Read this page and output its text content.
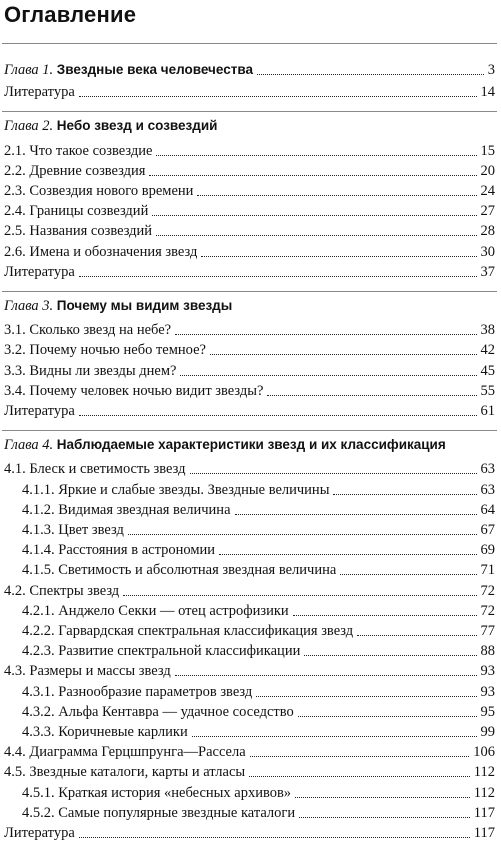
Оглавление
Глава 1. Звездные века человечества	3
Литература	14
Глава 2. Небо звезд и созвездий
2.1. Что такое созвездие	15
2.2. Древние созвездия	20
2.3. Созвездия нового времени	24
2.4. Границы созвездий	27
2.5. Названия созвездий	28
2.6. Имена и обозначения звезд	30
Литература	37
Глава 3. Почему мы видим звезды
3.1. Сколько звезд на небе?	38
3.2. Почему ночью небо темное?	42
3.3. Видны ли звезды днем?	45
3.4. Почему человек ночью видит звезды?	55
Литература	61
Глава 4. Наблюдаемые характеристики звезд и их классификация
4.1. Блеск и светимость звезд	63
4.1.1. Яркие и слабые звезды. Звездные величины	63
4.1.2. Видимая звездная величина	64
4.1.3. Цвет звезд	67
4.1.4. Расстояния в астрономии	69
4.1.5. Светимость и абсолютная звездная величина	71
4.2. Спектры звезд	72
4.2.1. Анджело Секки — отец астрофизики	72
4.2.2. Гарвардская спектральная классификация звезд	77
4.2.3. Развитие спектральной классификации	88
4.3. Размеры и массы звезд	93
4.3.1. Разнообразие параметров звезд	93
4.3.2. Альфа Кентавра — удачное соседство	95
4.3.3. Коричневые карлики	99
4.4. Диаграмма Герцшпрунга—Рассела	106
4.5. Звездные каталоги, карты и атласы	112
4.5.1. Краткая история «небесных архивов»	112
4.5.2. Самые популярные звездные каталоги	117
Литература	117
